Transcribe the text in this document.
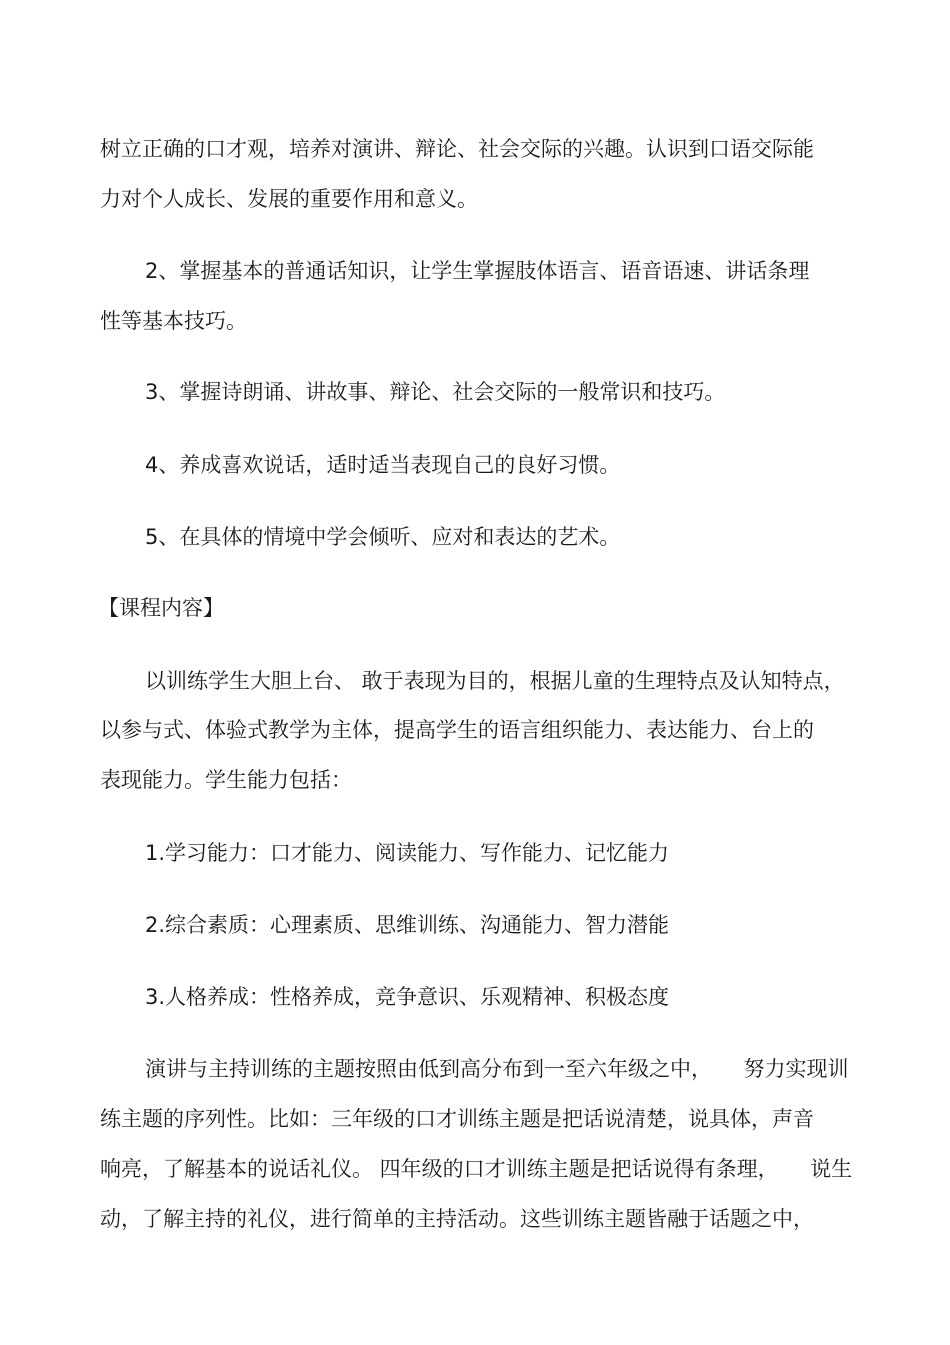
树立正确的口才观，培养对演讲、辩论、社会交际的兴趣。认识到口语交际能
力对个人成长、发展的重要作用和意义。
2、掌握基本的普通话知识，让学生掌握肢体语言、语音语速、讲话条理
性等基本技巧。
3、掌握诗朗诵、讲故事、辩论、社会交际的一般常识和技巧。
4、养成喜欢说话，适时适当表现自己的良好习惯。
5、在具体的情境中学会倾听、应对和表达的艺术。
【课程内容】
以训练学生大胆上台、 敢于表现为目的，根据儿童的生理特点及认知特点，
以参与式、体验式教学为主体，提高学生的语言组织能力、表达能力、台上的
表现能力。学生能力包括：
1.学习能力：口才能力、阅读能力、写作能力、记忆能力
2.综合素质：心理素质、思维训练、沟通能力、智力潜能
3.人格养成：性格养成，竞争意识、乐观精神、积极态度
演讲与主持训练的主题按照由低到高分布到一至六年级之中，　　努力实现训
练主题的序列性。比如：三年级的口才训练主题是把话说清楚，说具体，声音
响亮，了解基本的说话礼仪。 四年级的口才训练主题是把话说得有条理，　　说生
动，了解主持的礼仪，进行简单的主持活动。这些训练主题皆融于话题之中，
